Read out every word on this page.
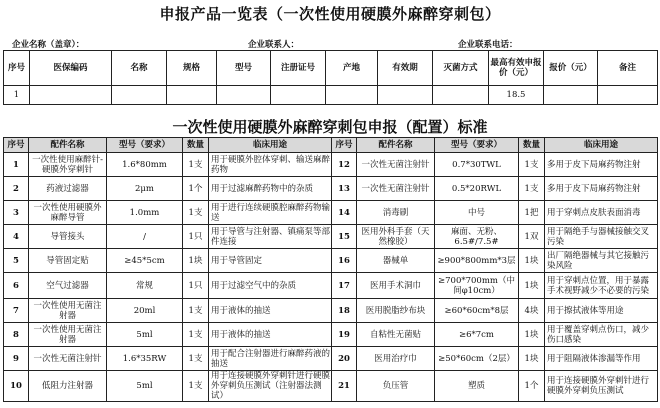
申报产品一览表（一次性使用硬膜外麻醉穿刺包）
企业名称（盖章）：	企业联系人：	企业联系电话：
序号	医保编码	名称	规格	型号	注册证号	产地	有效期	灭菌方式	最高有效申报价（元）	报价（元）	备注
1									18.5		
一次性使用硬膜外麻醉穿刺包申报（配置）标准
序号	配件名称	型号（要求）	数量	临床用途	序号	配件名称	型号（要求）	数量	临床用途
1	一次性使用麻醉针-硬膜外穿刺针	1.6*80mm	1支	用于硬膜外腔体穿刺、输送麻醉药物	12	一次性无菌注射针	0.7*30TWL	1支	多用于皮下局麻药物注射
2	药液过滤器	2μm	1个	用于过滤麻醉药物中的杂质	13	一次性无菌注射针	0.5*20RWL	1支	多用于皮下局麻药物注射
3	一次性使用硬膜外麻醉导管	1.0mm	1支	用于进行连续硬膜腔麻醉药物输送	14	消毒刷	中号	1把	用于穿刺点皮肤表面消毒
4	导管接头	/	1只	用于导管与注射器、镇痛泵等部件连接	15	医用外科手套（天然橡胶）	麻面、无粉、6.5#/7.5#	1双	用于隔绝手与器械接触交叉污染
5	导管固定贴	≥45*5cm	1块	用于导管固定	16	器械单	≥900*800mm*3层	1块	出厂隔绝器械与其它接触污染风险
6	空气过滤器	常规	1只	用于过滤空气中的杂质	17	医用手术洞巾	≥700*700mm（中间φ10cm）	1块	用于穿刺点位置，用于暴露手术视野减少不必要的污染
7	一次性使用无菌注射器	20ml	1支	用于液体的抽送	18	医用脱脂纱布块	≥60*60cm*8层	4块	用于擦拭液体等用途
8	一次性使用无菌注射器	5ml	1支	用于液体的抽送	19	自粘性无菌贴	≥6*7cm	1块	用于覆盖穿刺点伤口，减少伤口感染
9	一次性无菌注射针	1.6*35RW	1支	用于配合注射器进行麻醉药液的抽送	20	医用治疗巾	≥50*60cm（2层）	1块	用于阻隔液体渗漏等作用
10	低阻力注射器	5ml	1支	用于连接硬膜外穿刺针进行硬膜外穿刺负压测试（注射器法测试）	21	负压管	塑质	1个	用于连接硬膜外穿刺针进行硬膜外穿刺负压测试
